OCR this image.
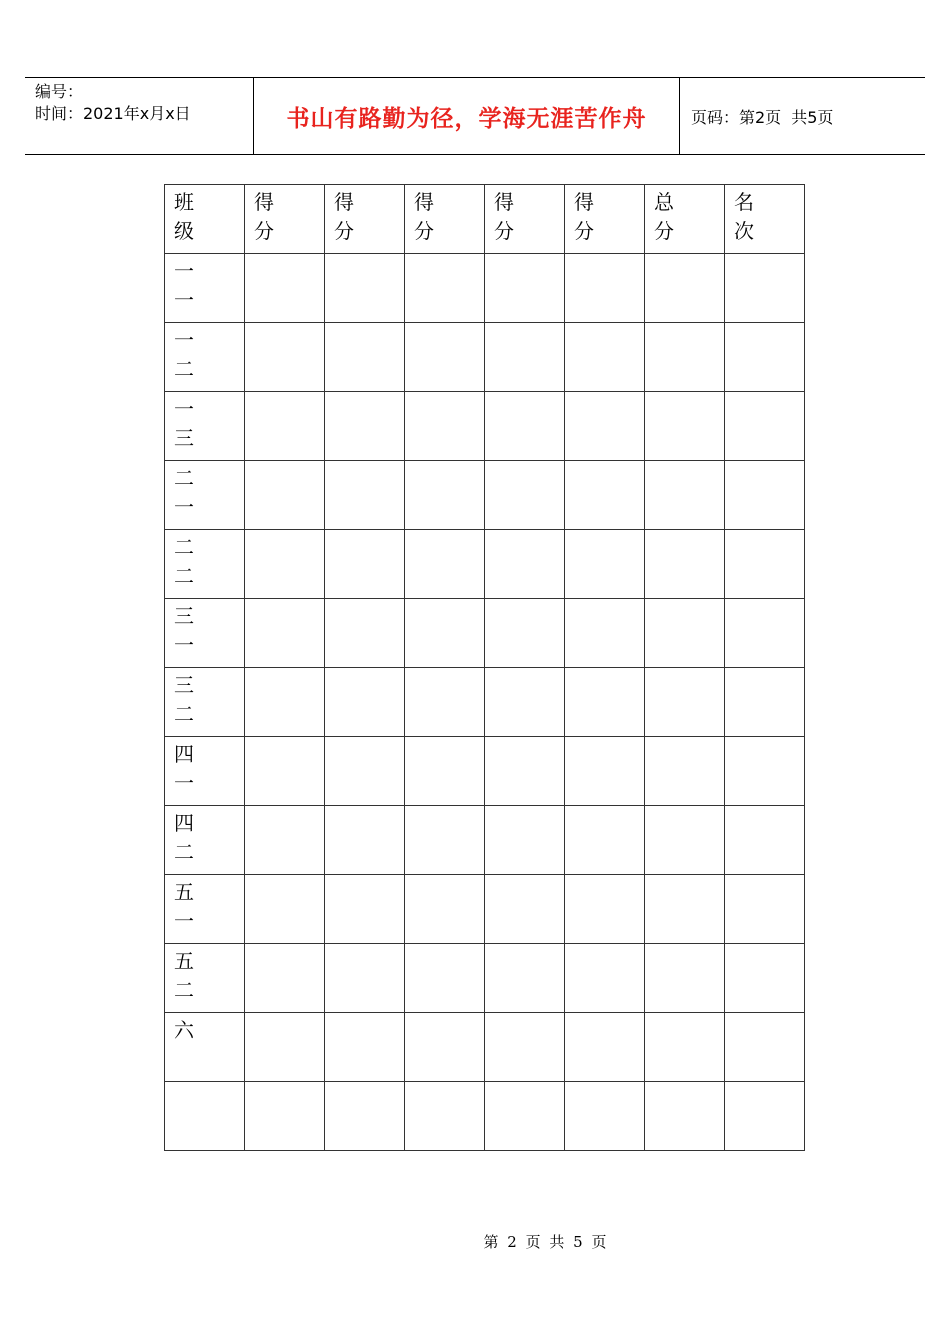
编号：
时间：2021年x月x日	书山有路勤为径，学海无涯苦作舟	页码：第2页 共5页
班级	得分	得分	得分	得分	得分	总分	名次

一一							

一二							

一三							

二一							

二二							

三一							

三二							

四一							

四二							

五一							

五二							

六							

第 2 页 共 5 页
